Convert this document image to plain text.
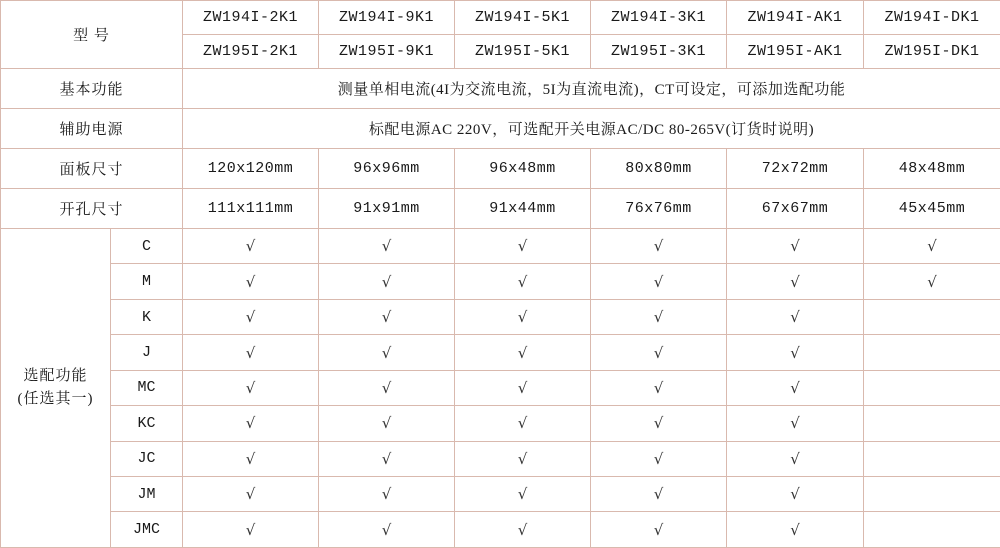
型 号		ZW194I-2K1	ZW194I-9K1	ZW194I-5K1	ZW194I-3K1	ZW194I-AK1	ZW194I-DK1
		ZW195I-2K1	ZW195I-9K1	ZW195I-5K1	ZW195I-3K1	ZW195I-AK1	ZW195I-DK1
基本功能		测量单相电流(4I为交流电流，5I为直流电流)，CT可设定，可添加选配功能					
辅助电源		标配电源AC 220V，可选配开关电源AC/DC 80-265V(订货时说明)					
面板尺寸		120x120mm	96x96mm	96x48mm	80x80mm	72x72mm	48x48mm
开孔尺寸		111x111mm	91x91mm	91x44mm	76x76mm	67x67mm	45x45mm

选配功能
(任选其一)	C	√	√	√	√	√	√
	M	√	√	√	√	√	√
	K	√	√	√	√	√	
	J	√	√	√	√	√	
	MC	√	√	√	√	√	
	KC	√	√	√	√	√	
	JC	√	√	√	√	√	
	JM	√	√	√	√	√	
	JMC	√	√	√	√	√	
